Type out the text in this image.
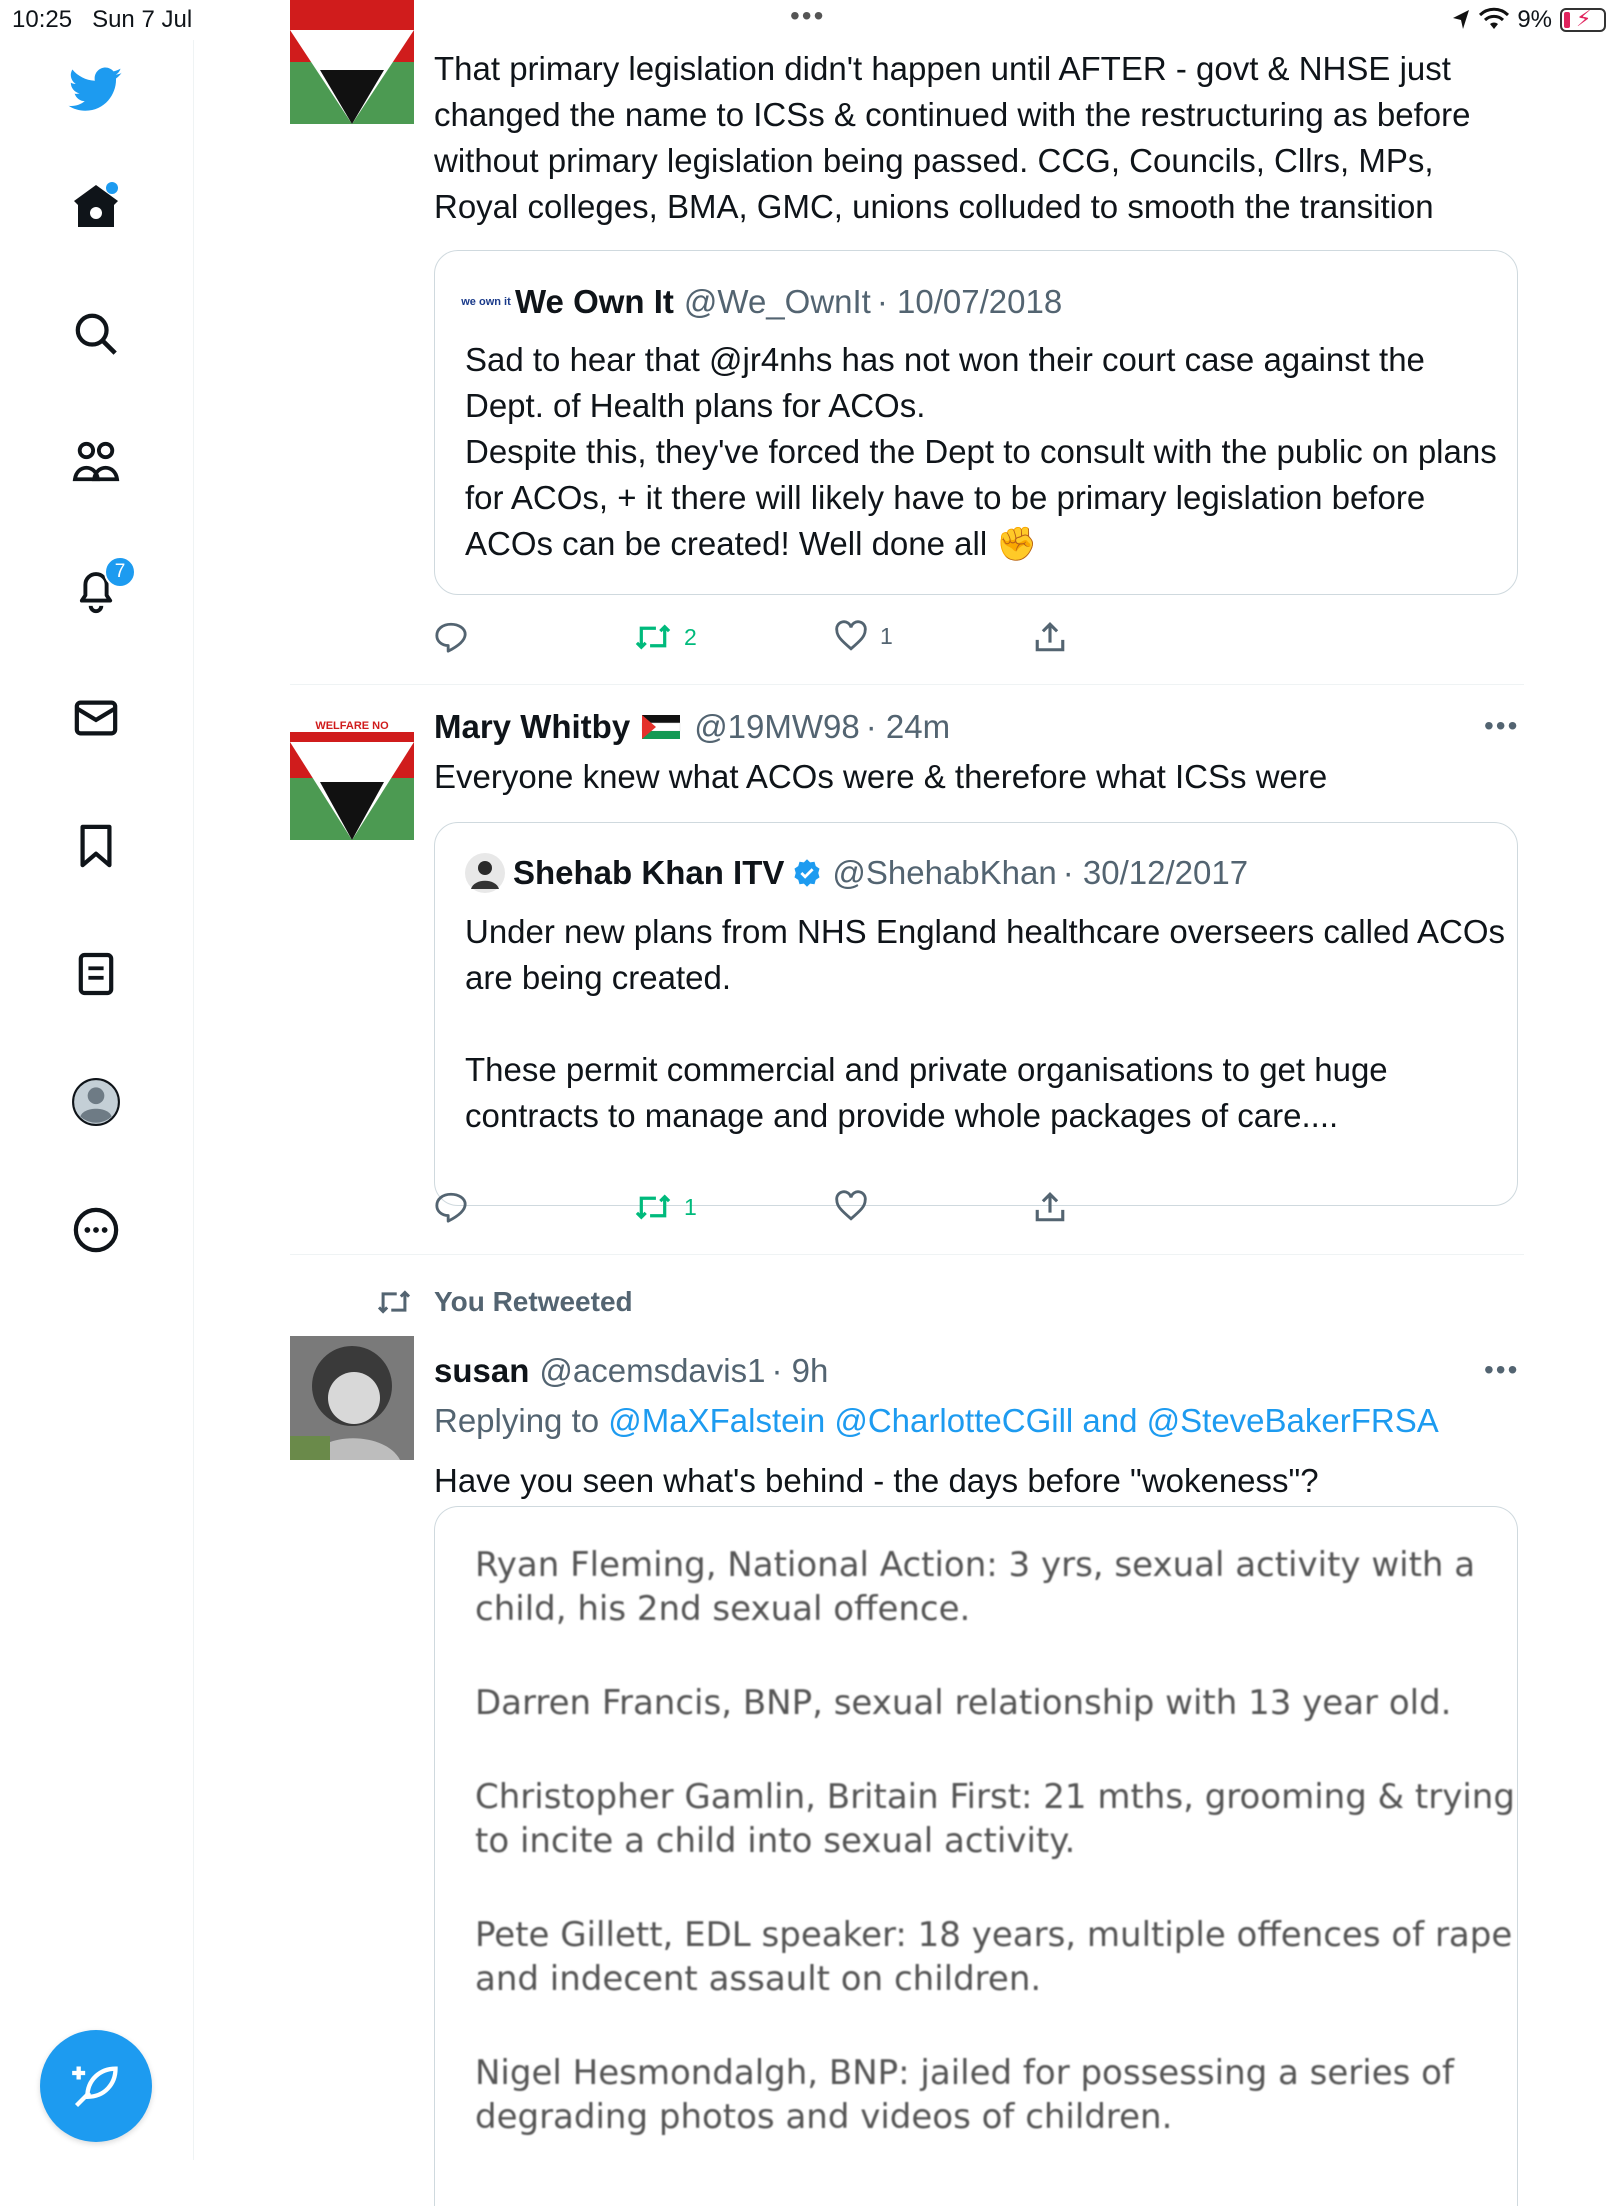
10:25 Sun 7 Jul	•••	9% ⚡
7
That primary legislation didn't happen until AFTER - govt & NHSE just changed the name to ICSs & continued with the restructuring as before without primary legislation being passed. CCG, Councils, Cllrs, MPs, Royal colleges, BMA, GMC, unions colluded to smooth the transition
we own it We Own It @We_OwnIt · 10/07/2018
Sad to hear that @jr4nhs has not won their court case against the Dept. of Health plans for ACOs.
Despite this, they've forced the Dept to consult with the public on plans for ACOs, + it there will likely have to be primary legislation before ACOs can be created! Well done all ✊
2	1
WELFARE NO Mary Whitby @19MW98 · 24m	•••
Everyone knew what ACOs were & therefore what ICSs were
Shehab Khan ITV @ShehabKhan · 30/12/2017
Under new plans from NHS England healthcare overseers called ACOs are being created.

These permit commercial and private organisations to get huge contracts to manage and provide whole packages of care....
1
You Retweeted
susan @acemsdavis1 · 9h	•••
Replying to @MaXFalstein @CharlotteCGill and @SteveBakerFRSA
Have you seen what's behind - the days before "wokeness"?
Ryan Fleming, National Action: 3 yrs, sexual activity with a
child, his 2nd sexual offence.
Darren Francis, BNP, sexual relationship with 13 year old.
Christopher Gamlin, Britain First: 21 mths, grooming & trying
to incite a child into sexual activity.
Pete Gillett, EDL speaker: 18 years, multiple offences of rape
and indecent assault on children.
Nigel Hesmondalgh, BNP: jailed for possessing a series of
degrading photos and videos of children.
